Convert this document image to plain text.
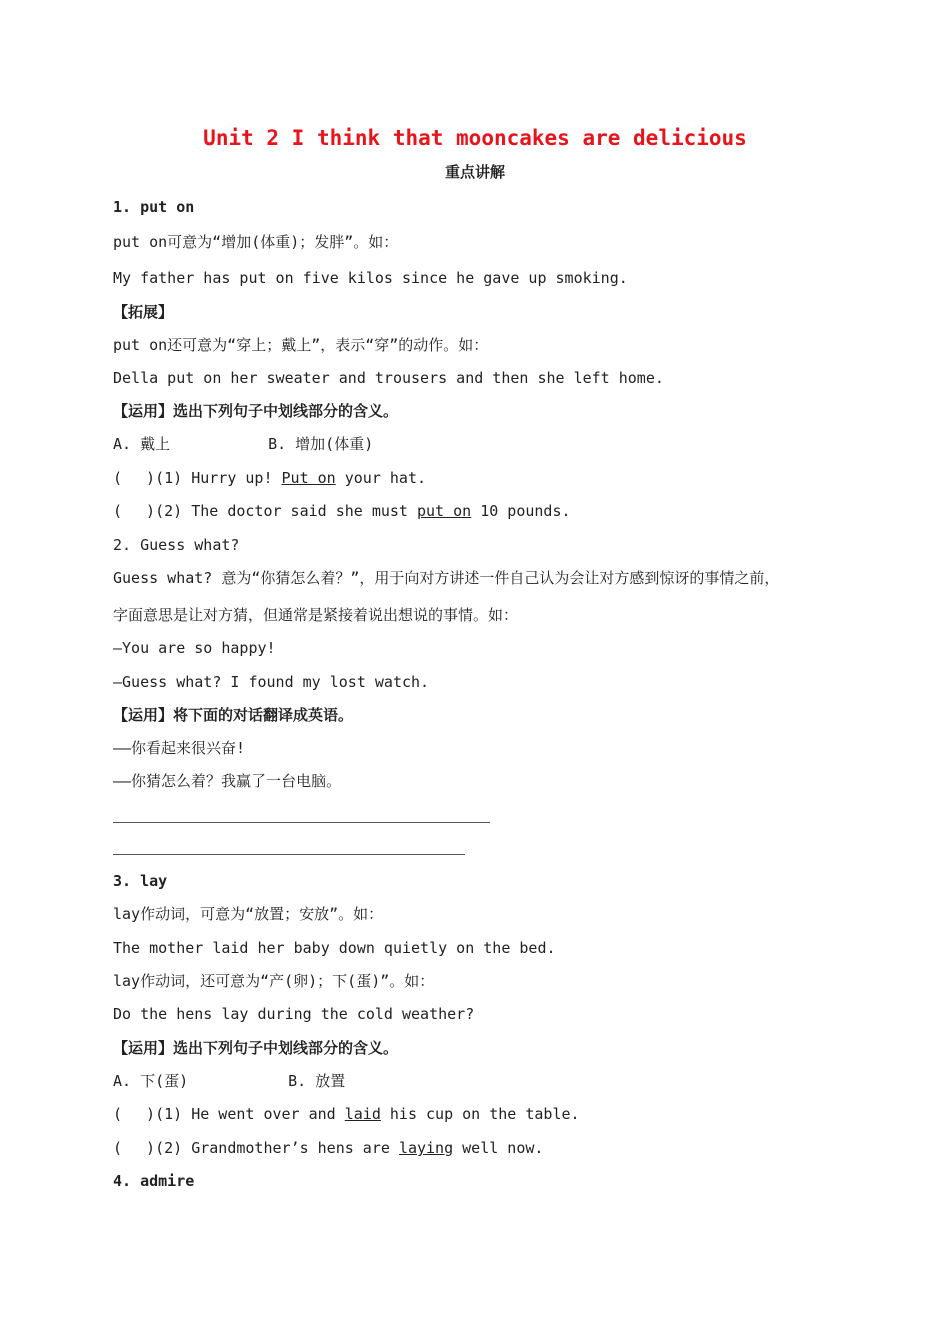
Unit 2 I think that mooncakes are delicious
重点讲解
1. put on
put on可意为“增加(体重)；发胖”。如：
My father has put on five kilos since he gave up smoking.
【拓展】
put on还可意为“穿上；戴上”，表示“穿”的动作。如：
Della put on her sweater and trousers and then she left home.
【运用】选出下列句子中划线部分的含义。
A. 戴上	B. 增加(体重)
(　 )(1) Hurry up! Put on your hat.
(　 )(2) The doctor said she must put on 10 pounds.
2. Guess what?
Guess what? 意为“你猜怎么着？”，用于向对方讲述一件自己认为会让对方感到惊讶的事情之前，
字面意思是让对方猜，但通常是紧接着说出想说的事情。如：
—You are so happy!
—Guess what? I found my lost watch.
【运用】将下面的对话翻译成英语。
——你看起来很兴奋!
——你猜怎么着？我赢了一台电脑。
3. lay
lay作动词，可意为“放置；安放”。如：
The mother laid her baby down quietly on the bed.
lay作动词，还可意为“产(卵)；下(蛋)”。如：
Do the hens lay during the cold weather?
【运用】选出下列句子中划线部分的含义。
A. 下(蛋)	B. 放置
(　 )(1) He went over and laid his cup on the table.
(　 )(2) Grandmother’s hens are laying well now.
4. admire
